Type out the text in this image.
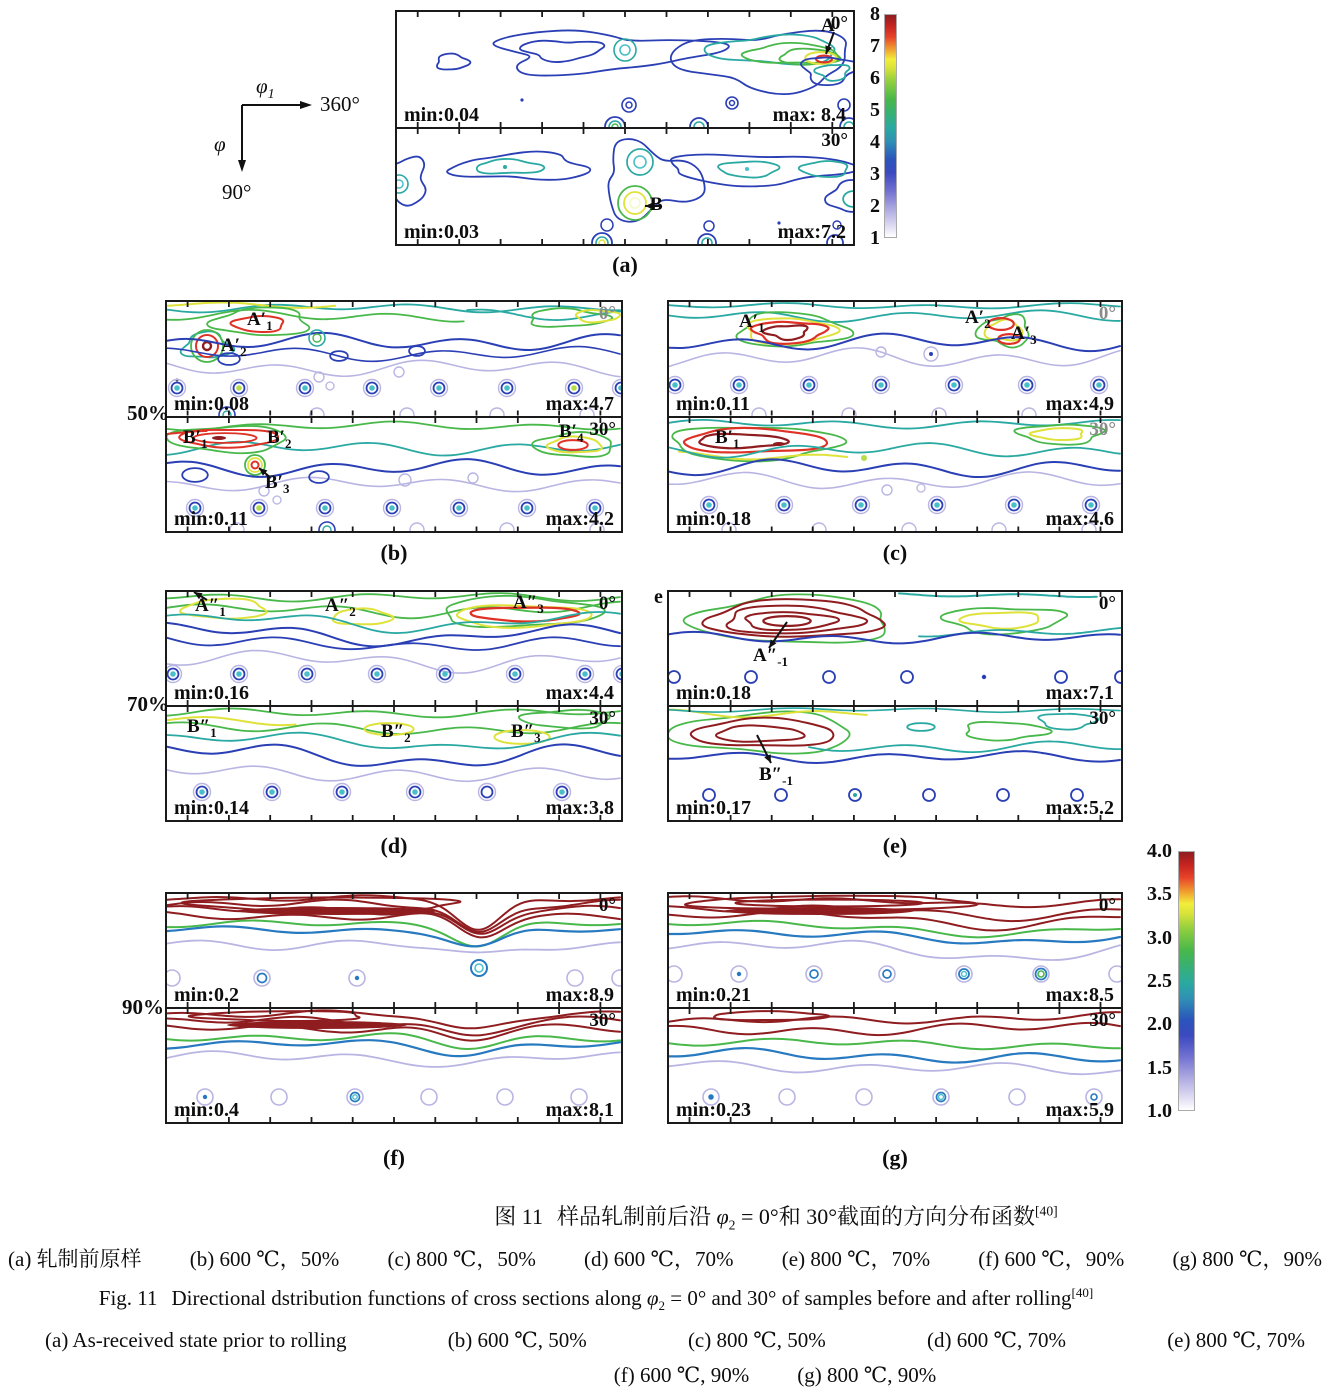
$\varphi_1$ 360°
φ
90°
8
7
6
5
4
3
2
1
4.0
3.5
3.0
2.5
2.0
1.5
1.0
e
0°
min:0.04	max: 8.4
A
30°
min:0.03	max:7.2
B
(a)
0°
min:0.08	max:4.7
$A'_1$
$A'_2$
30°
min:0.11	max:4.2
$B'_1$	$B'_2$
$B'_4$
$B'_3$
(b)
0°
min:0.11	max:4.9
$A'_1$	$A'_2$ $A'_3$
30°
min:0.18	max:4.6
$B'_1$
(c)
0°
min:0.16	max:4.4
$A''_1$	$A''_2$	$A''_3$
30°
min:0.14	max:3.8
$B''_1$	$B''_2$	$B''_3$
(d)
0°
min:0.18	max:7.1
$A''_{-1}$
30°
min:0.17	max:5.2
$B''_{-1}$
(e)
0°
min:0.2	max:8.9
30°
min:0.4	max:8.1
(f)
0°
min:0.21	max:8.5
30°
min:0.23	max:5.9
(g)
50%
70%
90%
图 11 样品轧制前后沿 $\varphi_2 = 0^\circ$和 30°截面的方向分布函数[40]
(a) 轧制前原样 (b) 600 ℃，50% (c) 800 ℃，50% (d) 600 ℃，70% (e) 800 ℃，70% (f) 600 ℃，90% (g) 800 ℃，90%
Fig. 11 Directional dstribution functions of cross sections along $\varphi_2 = 0^\circ$ and 30° of samples before and after rolling[40]
(a) As-received state prior to rolling	(b) 600 ℃, 50%	(c) 800 ℃, 50%	(d) 600 ℃, 70%	(e) 800 ℃, 70%
(f) 600 ℃, 90% (g) 800 ℃, 90%
